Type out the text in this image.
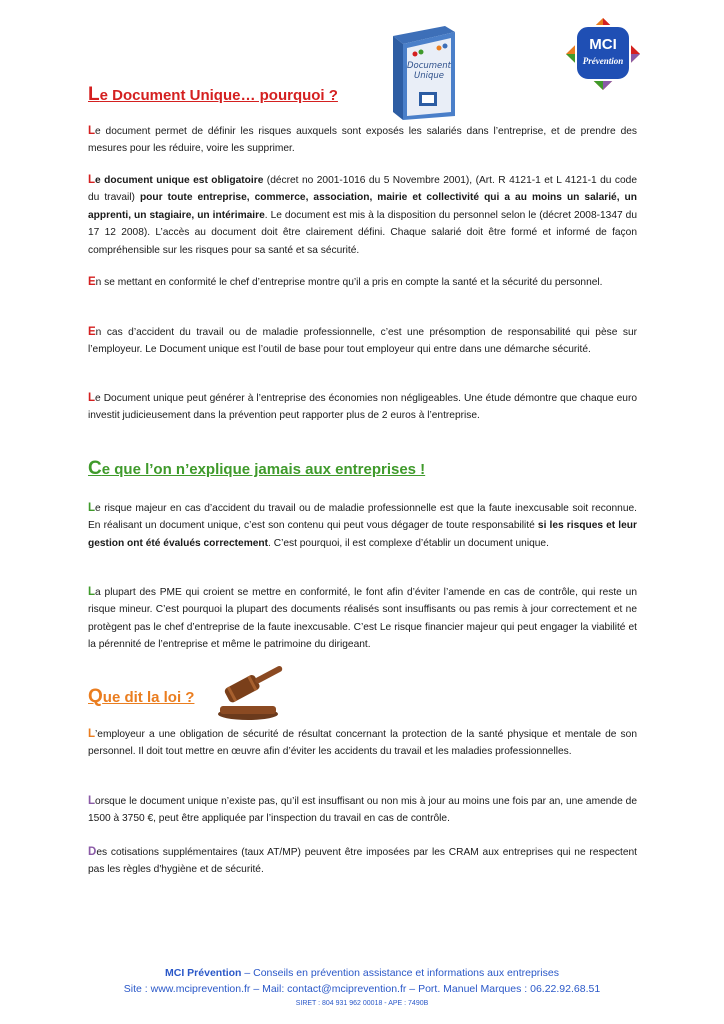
Document
Unique
MCI
Prévention
Le Document Unique… pourquoi ?

Le document permet de définir les risques auxquels sont exposés les salariés dans l’entreprise, et de prendre des mesures pour les réduire, voire les supprimer.

Le document unique est obligatoire (décret no 2001-1016 du 5 Novembre 2001), (Art. R 4121-1 et L 4121-1 du code du travail) pour toute entreprise, commerce, association, mairie et collectivité qui a au moins un salarié, un apprenti, un stagiaire, un intérimaire. Le document est mis à la disposition du personnel selon le (décret 2008-1347 du 17 12 2008). L’accès au document doit être clairement défini. Chaque salarié doit être formé et informé de façon compréhensible sur les risques pour sa santé et sa sécurité.

En se mettant en conformité le chef d’entreprise montre qu’il a pris en compte la santé et la sécurité du personnel.

En cas d’accident du travail ou de maladie professionnelle, c’est une présomption de responsabilité qui pèse sur l’employeur. Le Document unique est l’outil de base pour tout employeur qui entre dans une démarche sécurité.

Le Document unique peut générer à l’entreprise des économies non négligeables. Une étude démontre que chaque euro investit judicieusement dans la prévention peut rapporter plus de 2 euros à l’entreprise.

Ce que l’on n’explique jamais aux entreprises !

Le risque majeur en cas d’accident du travail ou de maladie professionnelle est que la faute inexcusable soit reconnue. En réalisant un document unique, c’est son contenu qui peut vous dégager de toute responsabilité si les risques et leur gestion ont été évalués correctement. C’est pourquoi, il est complexe d’établir un document unique.

La plupart des PME qui croient se mettre en conformité, le font afin d’éviter l’amende en cas de contrôle, qui reste un risque mineur. C’est pourquoi la plupart des documents réalisés sont insuffisants ou pas remis à jour correctement et ne protègent pas le chef d’entreprise de la faute inexcusable. C’est Le risque financier majeur qui peut engager la viabilité et la pérennité de l’entreprise et même le patrimoine du dirigeant.

Que dit la loi ?

L’employeur a une obligation de sécurité de résultat concernant la protection de la santé physique et mentale de son personnel. Il doit tout mettre en œuvre afin d’éviter les accidents du travail et les maladies professionnelles.

Lorsque le document unique n’existe pas, qu’il est insuffisant ou non mis à jour au moins une fois par an, une amende de 1500 à 3750 €, peut être appliquée par l’inspection du travail en cas de contrôle.

Des cotisations supplémentaires (taux AT/MP) peuvent être imposées par les CRAM aux entreprises qui ne respectent pas les règles d'hygiène et de sécurité.

MCI Prévention – Conseils en prévention assistance et informations aux entreprises

Site : www.mciprevention.fr – Mail: contact@mciprevention.fr – Port. Manuel Marques : 06.22.92.68.51

SIRET : 804 931 962 00018 - APE : 7490B
